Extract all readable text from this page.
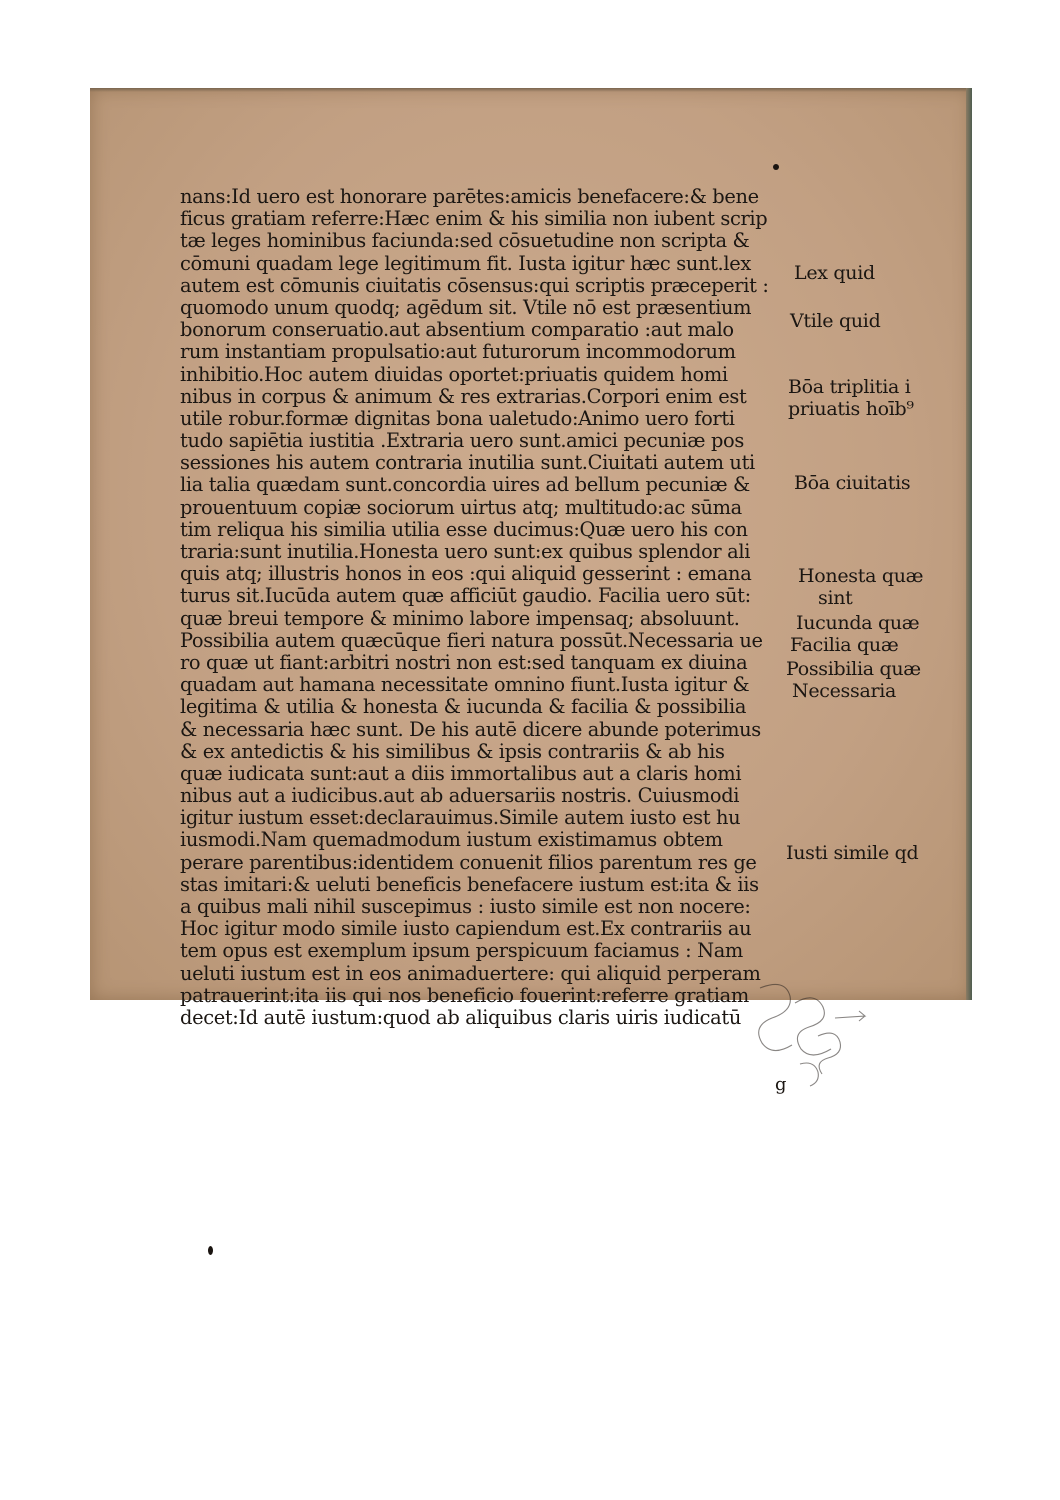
nans:Id uero est honorare parētes:amicis benefacere:& bene
ficus gratiam referre:Hæc enim & his similia non iubent scrip
tæ leges hominibus faciunda:sed cōsuetudine non scripta &
cōmuni quadam lege legitimum fit. Iusta igitur hæc sunt.lex
autem est cōmunis ciuitatis cōsensus:qui scriptis præceperit :
quomodo unum quodq; agēdum sit. Vtile nō est præsentium
bonorum conseruatio.aut absentium comparatio :aut malo
rum instantiam propulsatio:aut futurorum incommodorum
inhibitio.Hoc autem diuidas oportet:priuatis quidem homi
nibus in corpus & animum & res extrarias.Corpori enim est
utile robur.formæ dignitas bona ualetudo:Animo uero forti
tudo sapiētia iustitia .Extraria uero sunt.amici pecuniæ pos
sessiones his autem contraria inutilia sunt.Ciuitati autem uti
lia talia quædam sunt.concordia uires ad bellum pecuniæ &
prouentuum copiæ sociorum uirtus atq; multitudo:ac sūma
tim reliqua his similia utilia esse ducimus:Quæ uero his con
traria:sunt inutilia.Honesta uero sunt:ex quibus splendor ali
quis atq; illustris honos in eos :qui aliquid gesserint : emana
turus sit.Iucūda autem quæ afficiūt gaudio. Facilia uero sūt:
quæ breui tempore & minimo labore impensaq; absoluunt.
Possibilia autem quæcūque fieri natura possūt.Necessaria ue
ro quæ ut fiant:arbitri nostri non est:sed tanquam ex diuina
quadam aut hamana necessitate omnino fiunt.Iusta igitur &
legitima & utilia & honesta & iucunda & facilia & possibilia
& necessaria hæc sunt. De his autē dicere abunde poterimus
& ex antedictis & his similibus & ipsis contrariis & ab his
quæ iudicata sunt:aut a diis immortalibus aut a claris homi
nibus aut a iudicibus.aut ab aduersariis nostris. Cuiusmodi
igitur iustum esset:declarauimus.Simile autem iusto est hu
iusmodi.Nam quemadmodum iustum existimamus obtem
perare parentibus:identidem conuenit filios parentum res ge
stas imitari:& ueluti beneficis benefacere iustum est:ita & iis
a quibus mali nihil suscepimus : iusto simile est non nocere:
Hoc igitur modo simile iusto capiendum est.Ex contrariis au
tem opus est exemplum ipsum perspicuum faciamus : Nam
ueluti iustum est in eos animaduertere: qui aliquid perperam
patrauerint:ita iis qui nos beneficio fouerint:referre gratiam
decet:Id autē iustum:quod ab aliquibus claris uiris iudicatū
Lex quid
Vtile quid
Bōa triplitia i
priuatis hoīb⁹
Bōa ciuitatis
Honesta quæ
sint
Iucunda quæ
Facilia quæ
Possibilia quæ
Necessaria
Iusti simile qd
g
